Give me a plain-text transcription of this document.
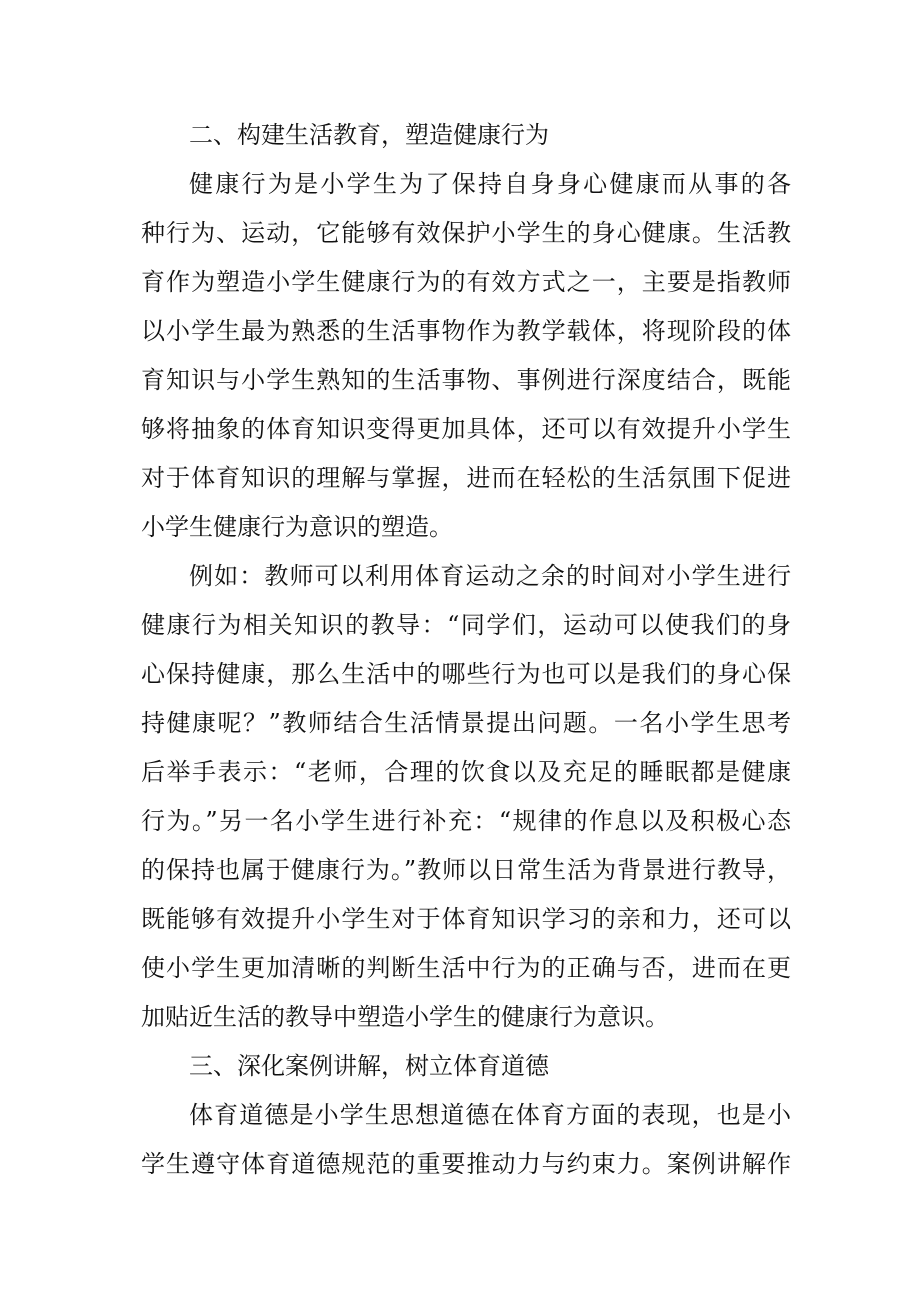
二、构建生活教育，塑造健康行为
健康行为是小学生为了保持自身身心健康而从事的各
种行为、运动，它能够有效保护小学生的身心健康。生活教
育作为塑造小学生健康行为的有效方式之一，主要是指教师
以小学生最为熟悉的生活事物作为教学载体，将现阶段的体
育知识与小学生熟知的生活事物、事例进行深度结合，既能
够将抽象的体育知识变得更加具体，还可以有效提升小学生
对于体育知识的理解与掌握，进而在轻松的生活氛围下促进
小学生健康行为意识的塑造。
例如：教师可以利用体育运动之余的时间对小学生进行
健康行为相关知识的教导：“同学们，运动可以使我们的身
心保持健康，那么生活中的哪些行为也可以是我们的身心保
持健康呢？”教师结合生活情景提出问题。一名小学生思考
后举手表示：“老师，合理的饮食以及充足的睡眠都是健康
行为。”另一名小学生进行补充：“规律的作息以及积极心态
的保持也属于健康行为。”教师以日常生活为背景进行教导，
既能够有效提升小学生对于体育知识学习的亲和力，还可以
使小学生更加清晰的判断生活中行为的正确与否，进而在更
加贴近生活的教导中塑造小学生的健康行为意识。
三、深化案例讲解，树立体育道德
体育道德是小学生思想道德在体育方面的表现，也是小
学生遵守体育道德规范的重要推动力与约束力。案例讲解作
